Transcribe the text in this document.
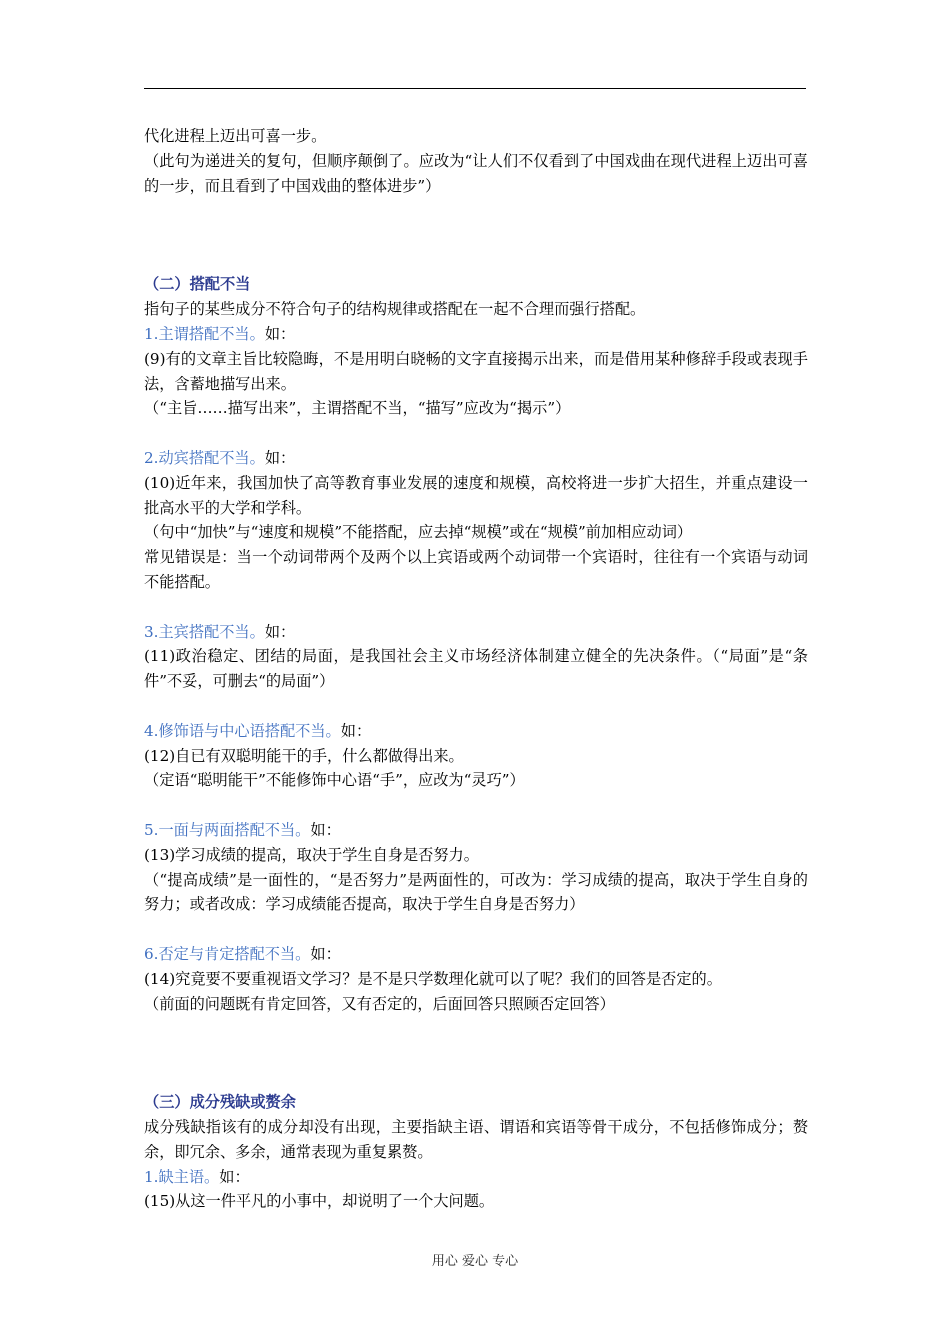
代化进程上迈出可喜一步。

（此句为递进关的复句，但顺序颠倒了。应改为“让人们不仅看到了中国戏曲在现代进程上迈出可喜的一步，而且看到了中国戏曲的整体进步”）

（二）搭配不当

指句子的某些成分不符合句子的结构规律或搭配在一起不合理而强行搭配。

1.主谓搭配不当。如：

(9)有的文章主旨比较隐晦，不是用明白晓畅的文字直接揭示出来，而是借用某种修辞手段或表现手法，含蓄地描写出来。

（“主旨……描写出来”，主谓搭配不当，“描写”应改为“揭示”）

2.动宾搭配不当。如：

(10)近年来，我国加快了高等教育事业发展的速度和规模，高校将进一步扩大招生，并重点建设一批高水平的大学和学科。

（句中“加快”与“速度和规模”不能搭配，应去掉“规模”或在“规模”前加相应动词）

常见错误是：当一个动词带两个及两个以上宾语或两个动词带一个宾语时，往往有一个宾语与动词不能搭配。

3.主宾搭配不当。如：

(11)政治稳定、团结的局面，是我国社会主义市场经济体制建立健全的先决条件。（“局面”是“条件”不妥，可删去“的局面”）

4.修饰语与中心语搭配不当。如：

(12)自已有双聪明能干的手，什么都做得出来。

（定语“聪明能干”不能修饰中心语“手”，应改为“灵巧”）

5.一面与两面搭配不当。如：

(13)学习成绩的提高，取决于学生自身是否努力。

（“提高成绩”是一面性的，“是否努力”是两面性的，可改为：学习成绩的提高，取决于学生自身的努力；或者改成：学习成绩能否提高，取决于学生自身是否努力）

6.否定与肯定搭配不当。如：

(14)究竟要不要重视语文学习？是不是只学数理化就可以了呢？我们的回答是否定的。

（前面的问题既有肯定回答，又有否定的，后面回答只照顾否定回答）

（三）成分残缺或赘余

成分残缺指该有的成分却没有出现，主要指缺主语、谓语和宾语等骨干成分，不包括修饰成分；赘余，即冗余、多余，通常表现为重复累赘。

1.缺主语。如：

(15)从这一件平凡的小事中，却说明了一个大问题。

用心 爱心 专心
